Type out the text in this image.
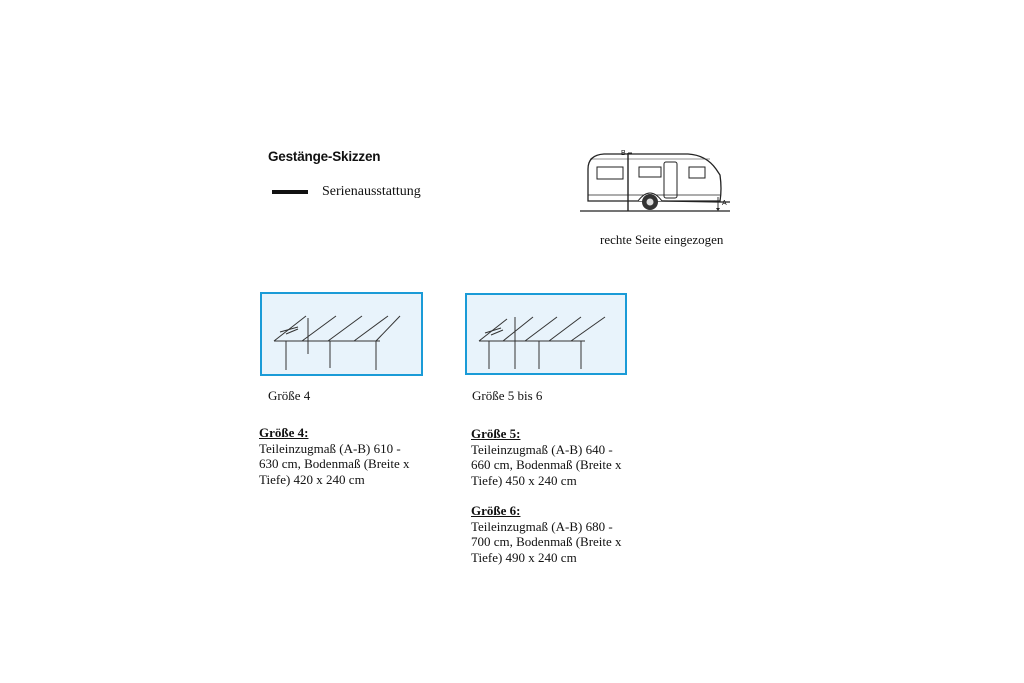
Gestänge-Skizzen
Serienausstattung
B
A
rechte Seite eingezogen
Größe 4	Größe 5 bis 6
Größe 4:
Teileinzugmaß (A-B) 610 - 630 cm, Bodenmaß (Breite x Tiefe) 420 x 240 cm
Größe 5:
Teileinzugmaß (A-B) 640 - 660 cm, Bodenmaß (Breite x Tiefe) 450 x 240 cm
Größe 6:
Teileinzugmaß (A-B) 680 - 700 cm, Bodenmaß (Breite x Tiefe) 490 x 240 cm
